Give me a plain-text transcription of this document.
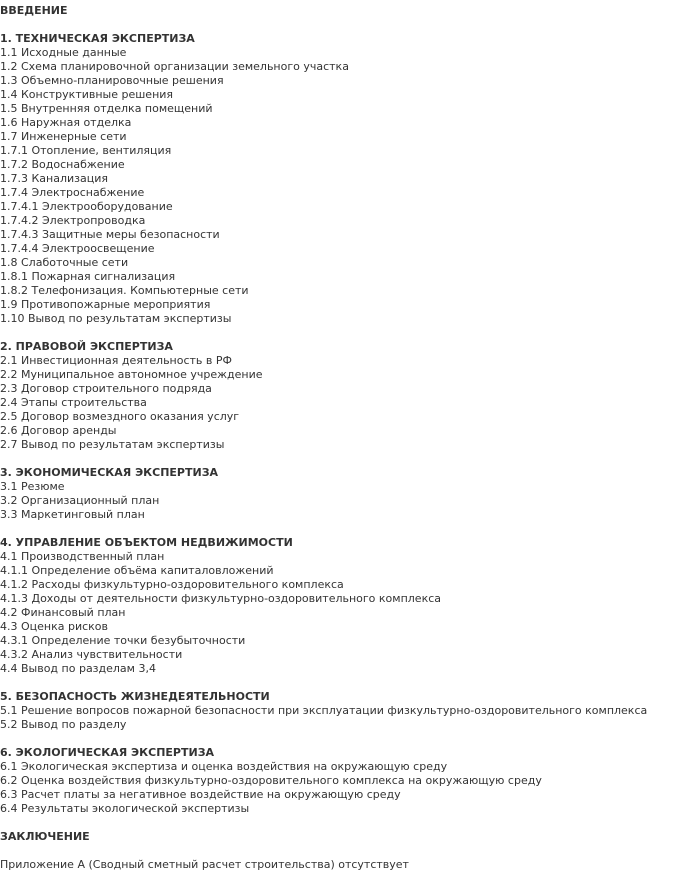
ВВЕДЕНИЕ
1. ТЕХНИЧЕСКАЯ ЭКСПЕРТИЗА
1.1 Исходные данные
1.2 Схема планировочной организации земельного участка
1.3 Объемно-планировочные решения
1.4 Конструктивные решения
1.5 Внутренняя отделка помещений
1.6 Наружная отделка
1.7 Инженерные сети
1.7.1 Отопление, вентиляция
1.7.2 Водоснабжение
1.7.3 Канализация
1.7.4 Электроснабжение
1.7.4.1 Электрооборудование
1.7.4.2 Электропроводка
1.7.4.3 Защитные меры безопасности
1.7.4.4 Электроосвещение
1.8 Слаботочные сети
1.8.1 Пожарная сигнализация
1.8.2 Телефонизация. Компьютерные сети
1.9 Противопожарные мероприятия
1.10 Вывод по результатам экспертизы
2. ПРАВОВОЙ ЭКСПЕРТИЗА
2.1 Инвестиционная деятельность в РФ
2.2 Муниципальное автономное учреждение
2.3 Договор строительного подряда
2.4 Этапы строительства
2.5 Договор возмездного оказания услуг
2.6 Договор аренды
2.7 Вывод по результатам экспертизы
3. ЭКОНОМИЧЕСКАЯ ЭКСПЕРТИЗА
3.1 Резюме
3.2 Организационный план
3.3 Маркетинговый план
4. УПРАВЛЕНИЕ ОБЪЕКТОМ НЕДВИЖИМОСТИ
4.1 Производственный план
4.1.1 Определение объёма капиталовложений
4.1.2 Расходы физкультурно-оздоровительного комплекса
4.1.3 Доходы от деятельности физкультурно-оздоровительного комплекса
4.2 Финансовый план
4.3 Оценка рисков
4.3.1 Определение точки безубыточности
4.3.2 Анализ чувствительности
4.4 Вывод по разделам 3,4
5. БЕЗОПАСНОСТЬ ЖИЗНЕДЕЯТЕЛЬНОСТИ
5.1 Решение вопросов пожарной безопасности при эксплуатации физкультурно-оздоровительного комплекса
5.2 Вывод по разделу
6. ЭКОЛОГИЧЕСКАЯ ЭКСПЕРТИЗА
6.1 Экологическая экспертиза и оценка воздействия на окружающую среду
6.2 Оценка воздействия физкультурно-оздоровительного комплекса на окружающую среду
6.3 Расчет платы за негативное воздействие на окружающую среду
6.4 Результаты экологической экспертизы
ЗАКЛЮЧЕНИЕ
Приложение А (Сводный сметный расчет строительства) отсутствует
